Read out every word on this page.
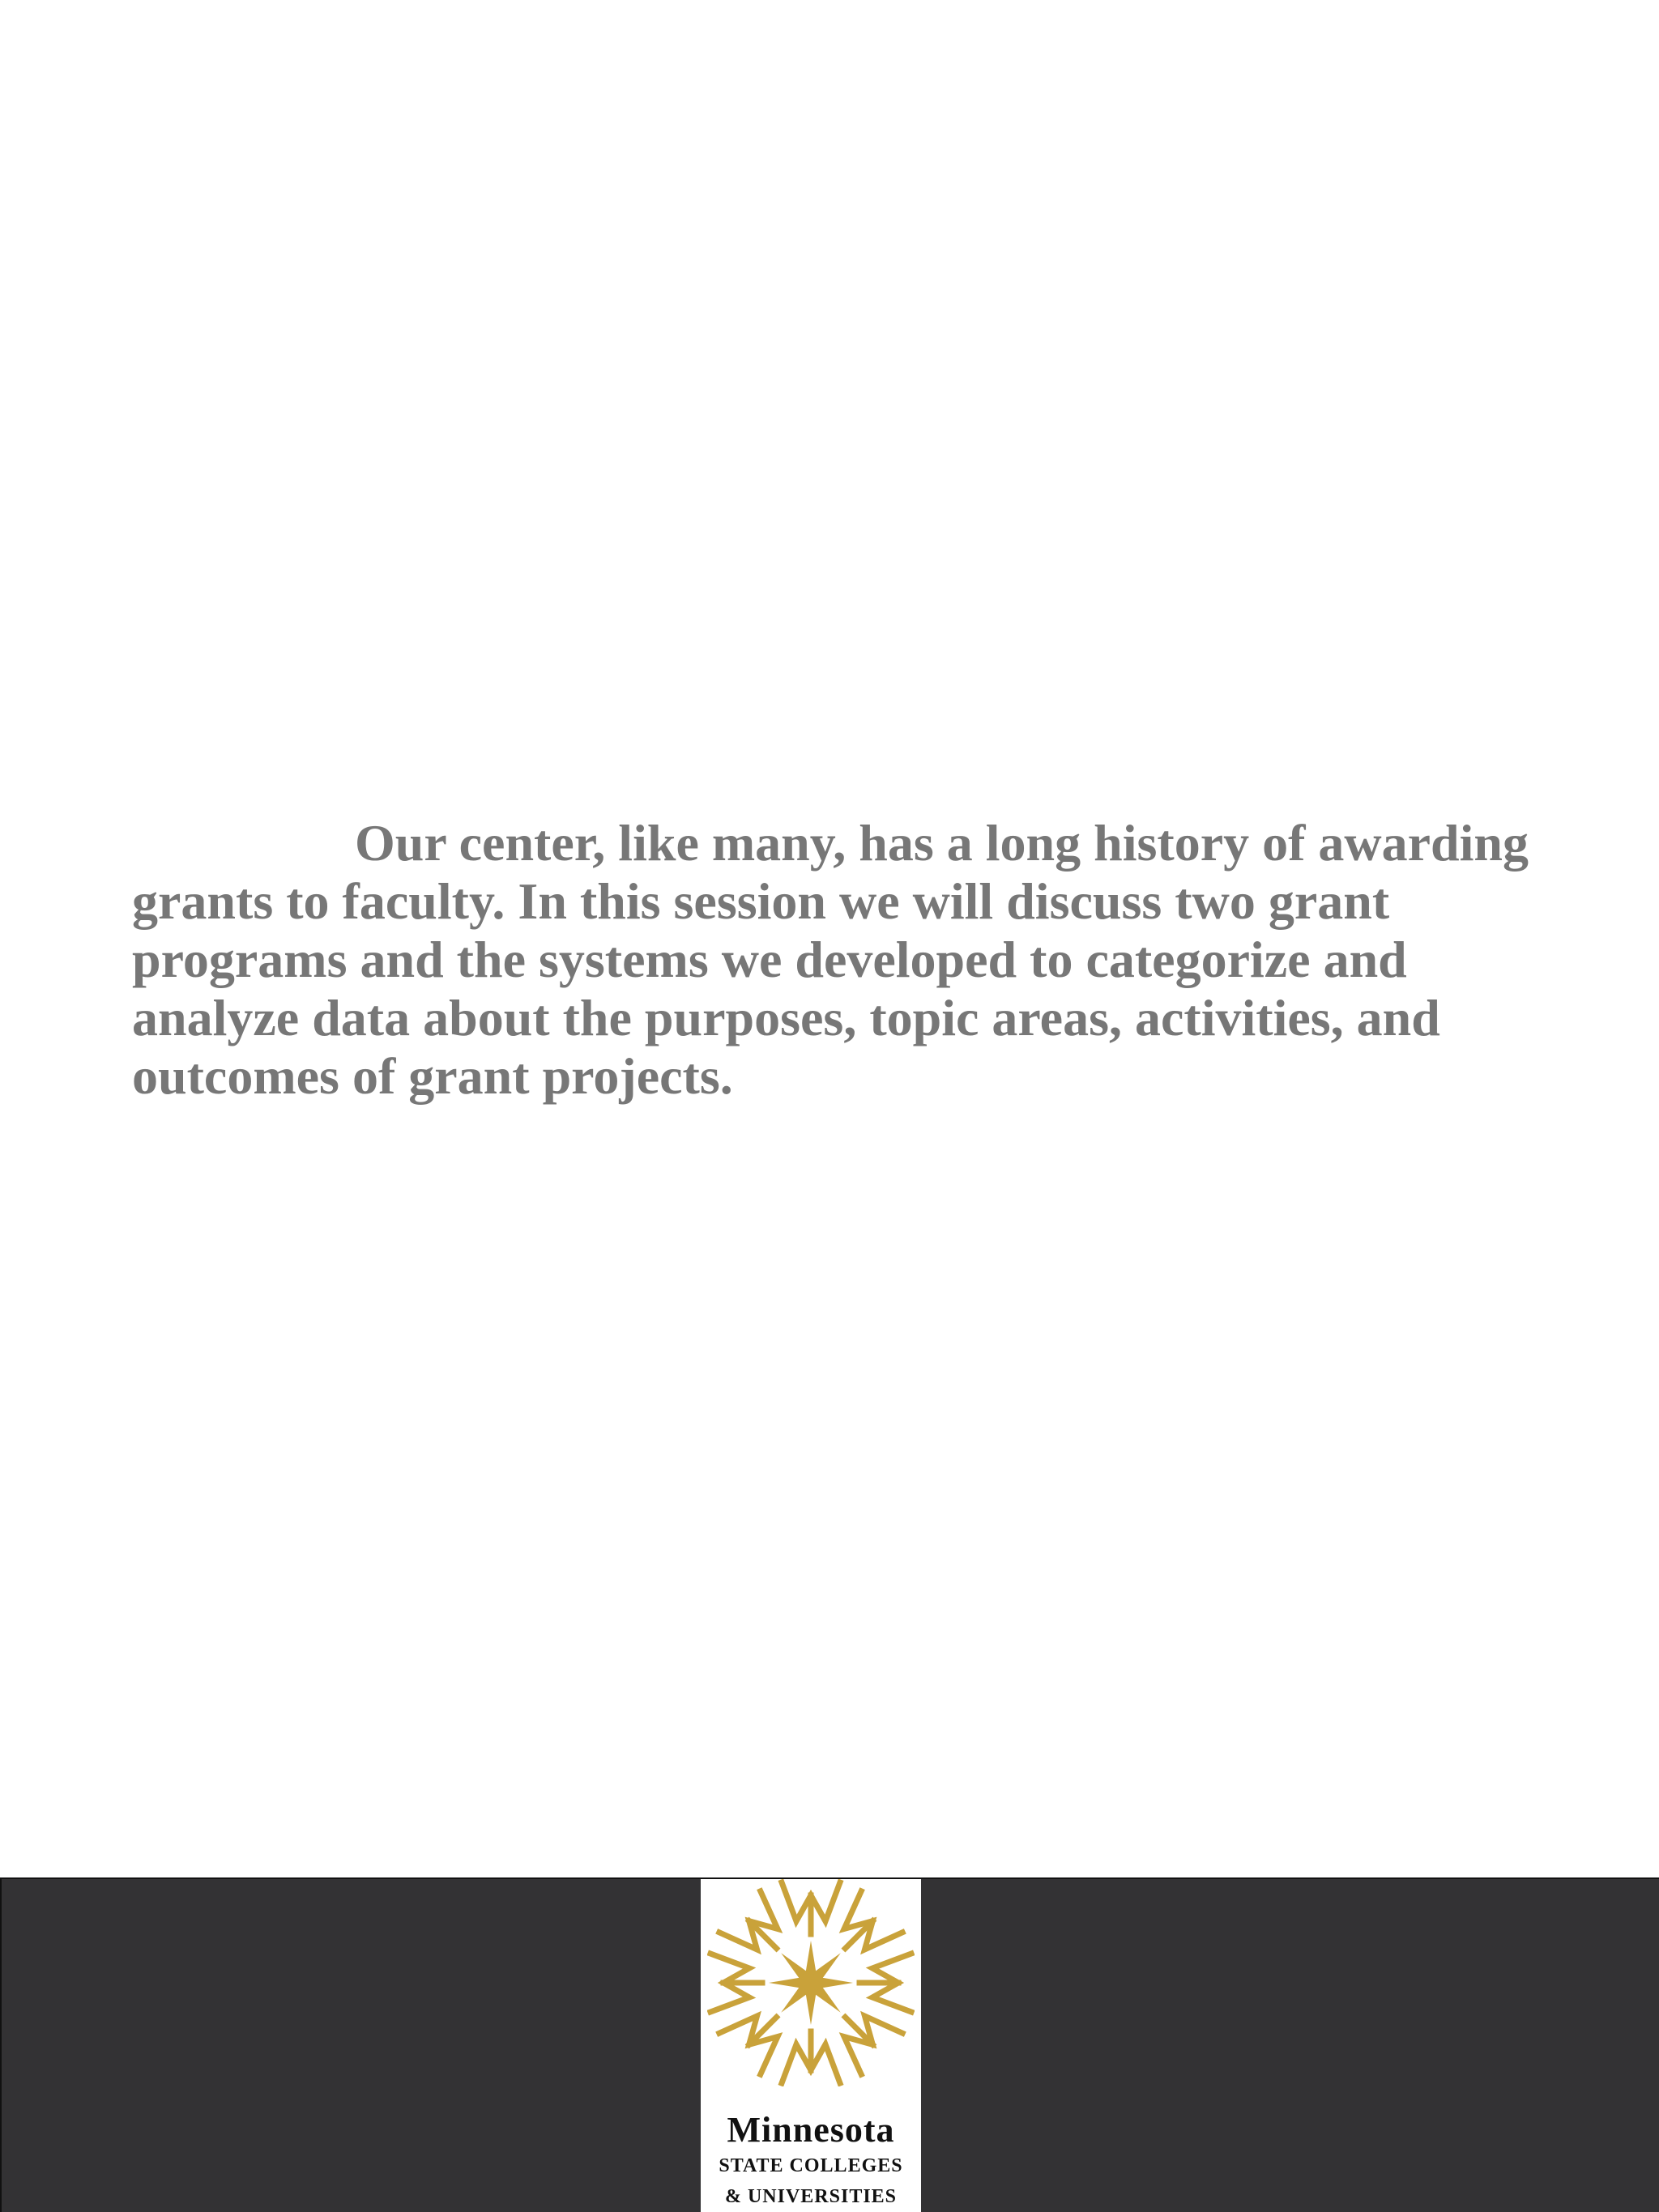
Our center, like many, has a long history of awarding grants to faculty. In this session we will discuss two grant programs and the systems we developed to categorize and analyze data about the purposes, topic areas, activities, and outcomes of grant projects.

Minnesota
STATE COLLEGES
& UNIVERSITIES
